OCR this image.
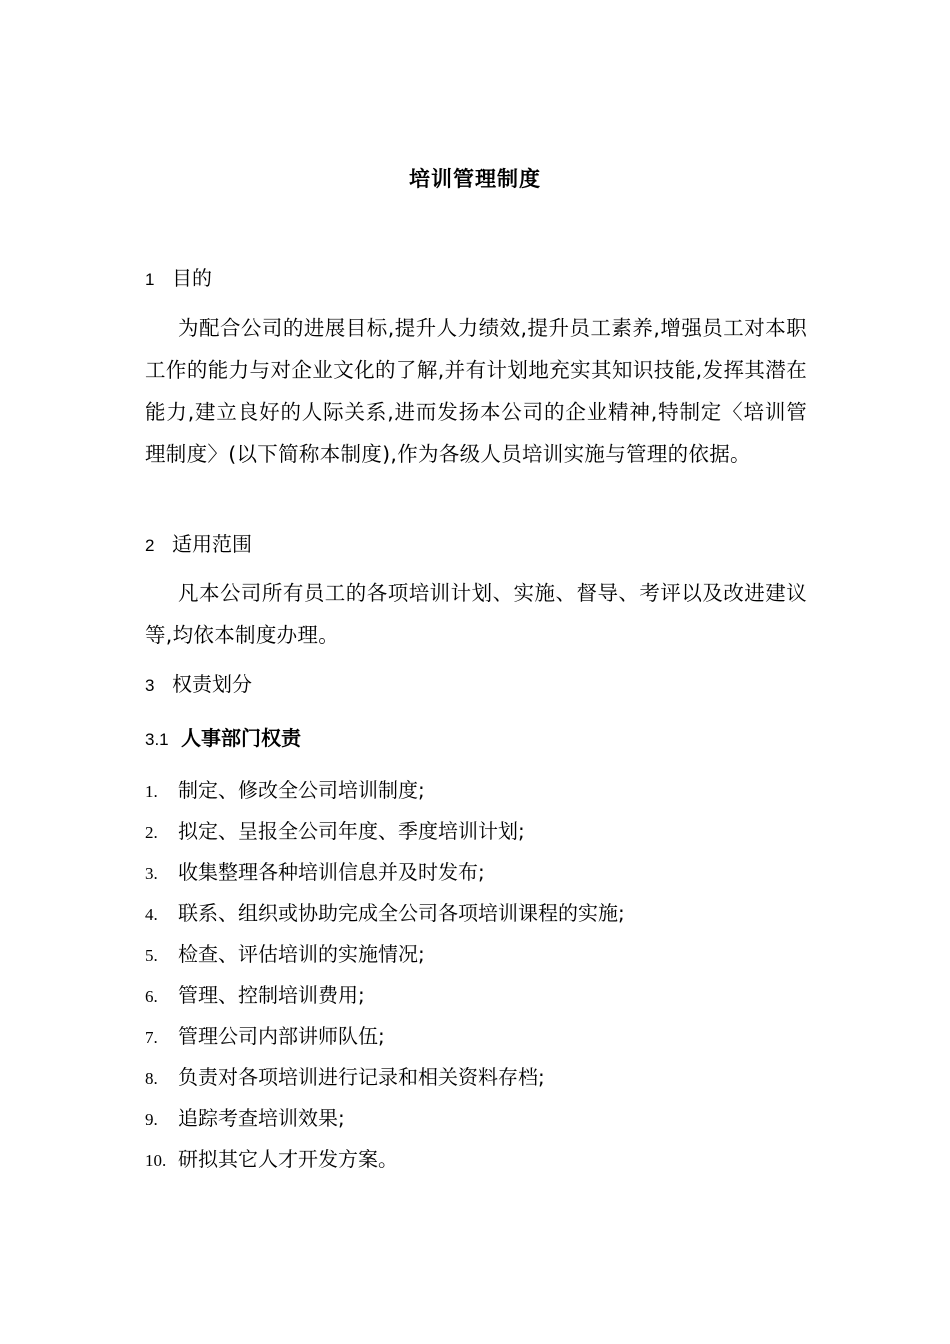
培训管理制度
1 目的
为配合公司的进展目标,提升人力绩效,提升员工素养,增强员工对本职工作的能力与对企业文化的了解,并有计划地充实其知识技能,发挥其潜在能力,建立良好的人际关系,进而发扬本公司的企业精神,特制定〈培训管理制度〉(以下简称本制度),作为各级人员培训实施与管理的依据。
2 适用范围
凡本公司所有员工的各项培训计划、实施、督导、考评以及改进建议等,均依本制度办理。
3 权责划分
3.1 人事部门权责
1. 制定、修改全公司培训制度;
2. 拟定、呈报全公司年度、季度培训计划;
3. 收集整理各种培训信息并及时发布;
4. 联系、组织或协助完成全公司各项培训课程的实施;
5. 检查、评估培训的实施情况;
6. 管理、控制培训费用;
7. 管理公司内部讲师队伍;
8. 负责对各项培训进行记录和相关资料存档;
9. 追踪考查培训效果;
10. 研拟其它人才开发方案。
